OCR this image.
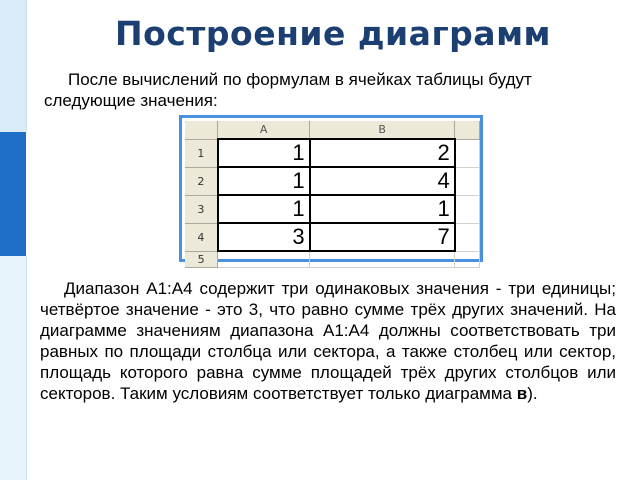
Построение диаграмм
После вычислений по формулам в ячейках таблицы будут следующие значения:
	A	B	
1	1	2	
2	1	4	
3	1	1	
4	3	7	
5			
Диапазон A1:A4 содержит три одинаковых значения - три единицы; четвёртое значение - это 3, что равно сумме трёх других значений. На диаграмме значениям диапазона A1:A4 должны соответствовать три равных по площади столбца или сектора, а также столбец или сектор, площадь которого равна сумме площадей трёх других столбцов или секторов. Таким условиям соответствует только диаграмма в).
